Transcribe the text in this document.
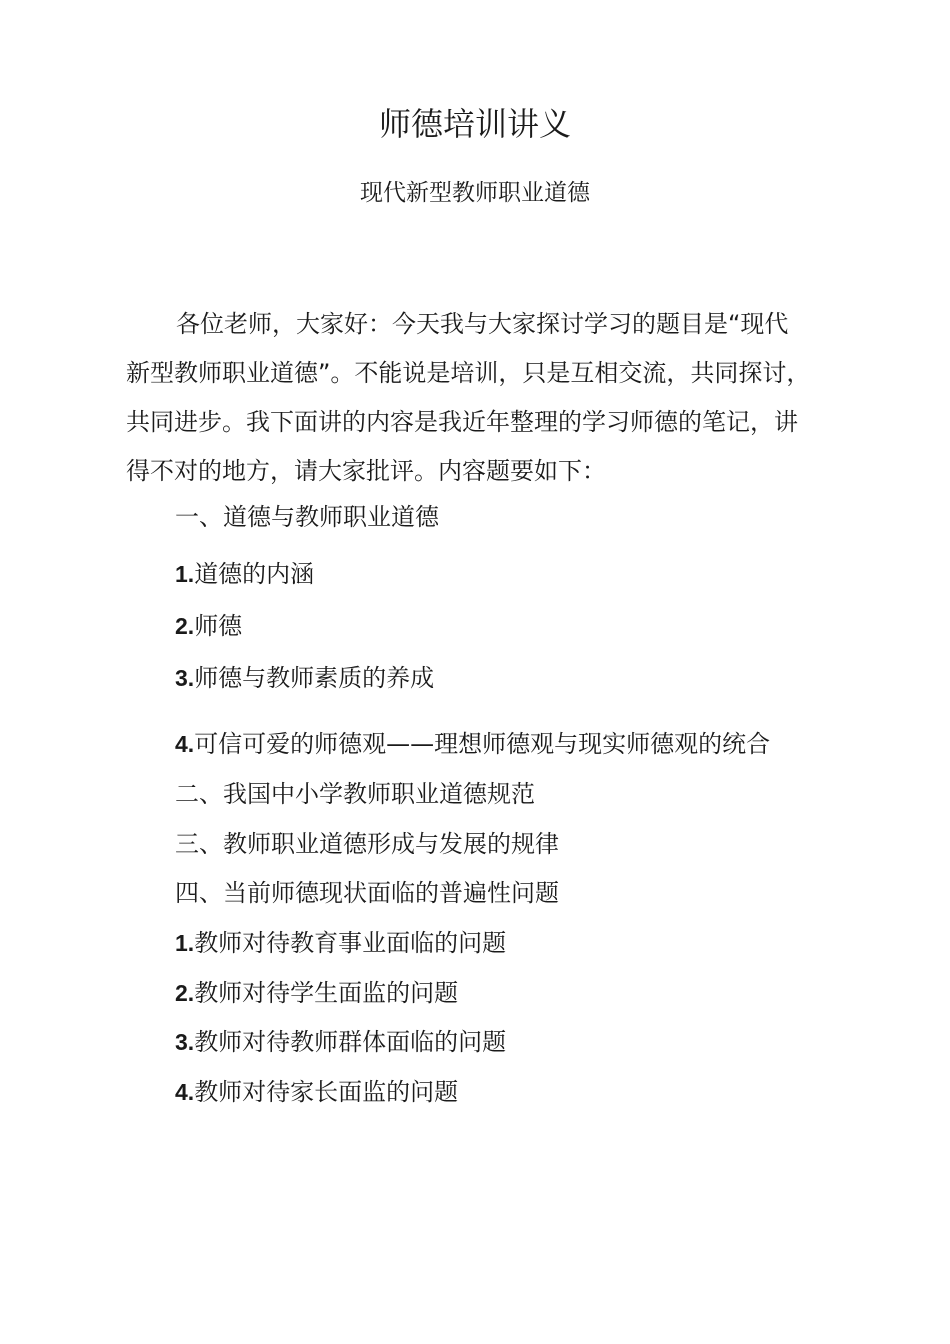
师德培训讲义
现代新型教师职业道德
各位老师，大家好：今天我与大家探讨学习的题目是“现代
新型教师职业道德”。不能说是培训，只是互相交流，共同探讨，
共同进步。我下面讲的内容是我近年整理的学习师德的笔记，讲
得不对的地方，请大家批评。内容题要如下：
一、道德与教师职业道德
1.道德的内涵
2.师德
3.师德与教师素质的养成
4.可信可爱的师德观——理想师德观与现实师德观的统合
二、我国中小学教师职业道德规范
三、教师职业道德形成与发展的规律
四、当前师德现状面临的普遍性问题
1.教师对待教育事业面临的问题
2.教师对待学生面监的问题
3.教师对待教师群体面临的问题
4.教师对待家长面监的问题
